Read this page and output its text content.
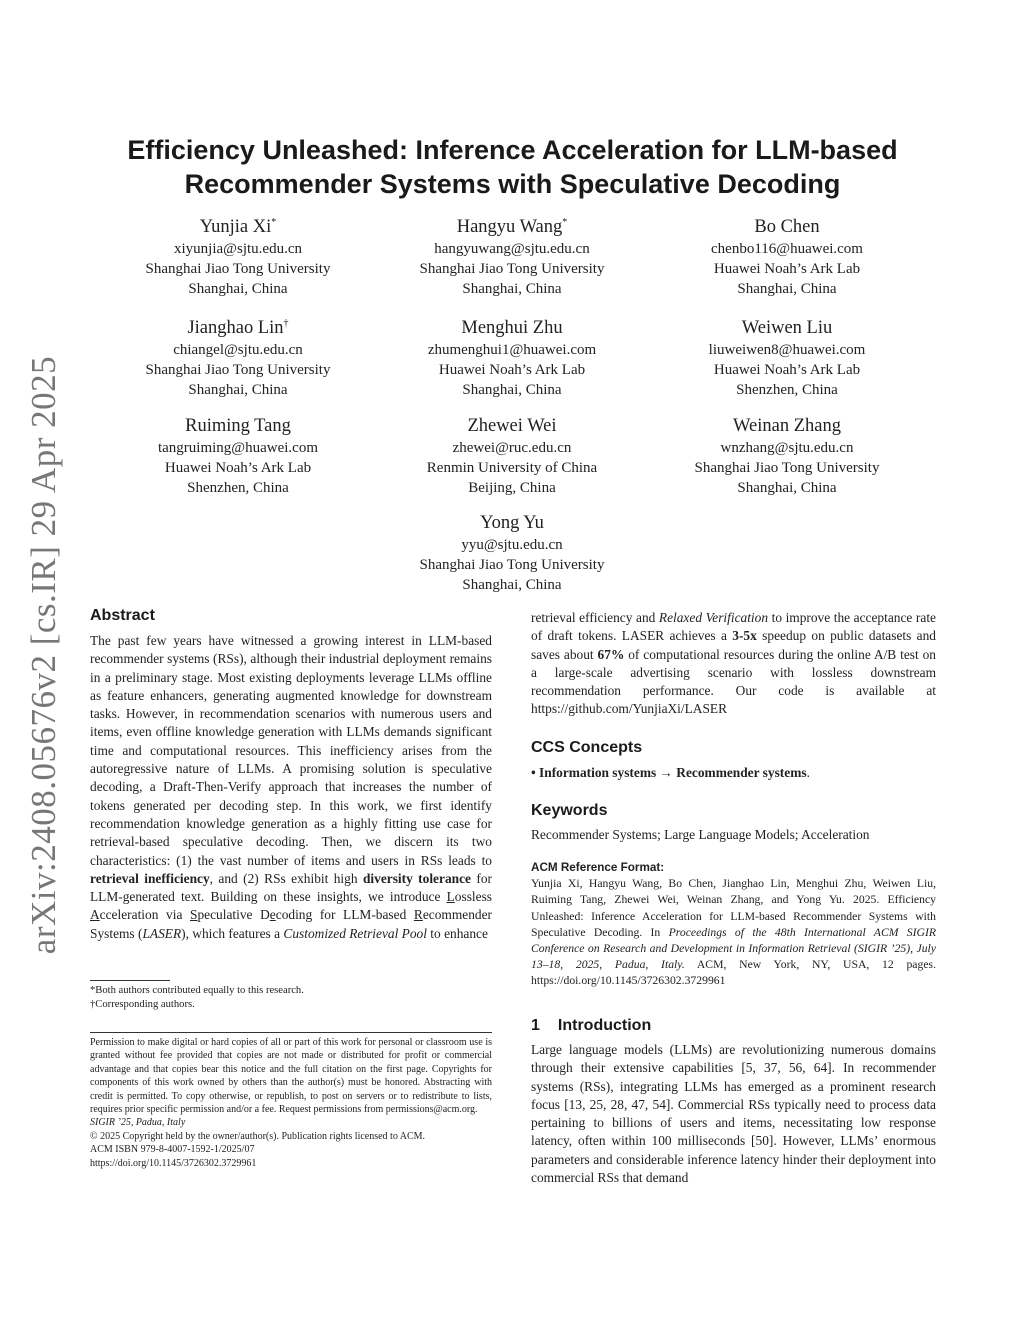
arXiv:2408.05676v2 [cs.IR] 29 Apr 2025
Efficiency Unleashed: Inference Acceleration for LLM-based
Recommender Systems with Speculative Decoding
Yunjia Xi*
xiyunjia@sjtu.edu.cn
Shanghai Jiao Tong University
Shanghai, China
Hangyu Wang*
hangyuwang@sjtu.edu.cn
Shanghai Jiao Tong University
Shanghai, China
Bo Chen
chenbo116@huawei.com
Huawei Noah’s Ark Lab
Shanghai, China
Jianghao Lin†
chiangel@sjtu.edu.cn
Shanghai Jiao Tong University
Shanghai, China
Menghui Zhu
zhumenghui1@huawei.com
Huawei Noah’s Ark Lab
Shanghai, China
Weiwen Liu
liuweiwen8@huawei.com
Huawei Noah’s Ark Lab
Shenzhen, China
Ruiming Tang
tangruiming@huawei.com
Huawei Noah’s Ark Lab
Shenzhen, China
Zhewei Wei
zhewei@ruc.edu.cn
Renmin University of China
Beijing, China
Weinan Zhang
wnzhang@sjtu.edu.cn
Shanghai Jiao Tong University
Shanghai, China
Yong Yu
yyu@sjtu.edu.cn
Shanghai Jiao Tong University
Shanghai, China
Abstract

The past few years have witnessed a growing interest in LLM-based recommender systems (RSs), although their industrial deployment remains in a preliminary stage. Most existing deployments leverage LLMs offline as feature enhancers, generating augmented knowledge for downstream tasks. However, in recommendation scenarios with numerous users and items, even offline knowledge generation with LLMs demands significant time and computational resources. This inefficiency arises from the autoregressive nature of LLMs. A promising solution is speculative decoding, a Draft-Then-Verify approach that increases the number of tokens generated per decoding step. In this work, we first identify recommendation knowledge generation as a highly fitting use case for retrieval-based speculative decoding. Then, we discern its two characteristics: (1) the vast number of items and users in RSs leads to retrieval inefficiency, and (2) RSs exhibit high diversity tolerance for LLM-generated text. Building on these insights, we introduce Lossless Acceleration via Speculative Decoding for LLM-based Recommender Systems (LASER), which features a Customized Retrieval Pool to enhance

*Both authors contributed equally to this research.
†Corresponding authors.

Permission to make digital or hard copies of all or part of this work for personal or classroom use is granted without fee provided that copies are not made or distributed for profit or commercial advantage and that copies bear this notice and the full citation on the first page. Copyrights for components of this work owned by others than the author(s) must be honored. Abstracting with credit is permitted. To copy otherwise, or republish, to post on servers or to redistribute to lists, requires prior specific permission and/or a fee. Request permissions from permissions@acm.org.

SIGIR ’25, Padua, Italy

© 2025 Copyright held by the owner/author(s). Publication rights licensed to ACM.

ACM ISBN 979-8-4007-1592-1/2025/07

https://doi.org/10.1145/3726302.3729961

retrieval efficiency and Relaxed Verification to improve the acceptance rate of draft tokens. LASER achieves a 3-5x speedup on public datasets and saves about 67% of computational resources during the online A/B test on a large-scale advertising scenario with lossless downstream recommendation performance. Our code is available at https://github.com/YunjiaXi/LASER

CCS Concepts

• Information systems → Recommender systems.

Keywords
Recommender Systems; Large Language Models; Acceleration
ACM Reference Format:
Yunjia Xi, Hangyu Wang, Bo Chen, Jianghao Lin, Menghui Zhu, Weiwen Liu, Ruiming Tang, Zhewei Wei, Weinan Zhang, and Yong Yu. 2025. Efficiency Unleashed: Inference Acceleration for LLM-based Recommender Systems with Speculative Decoding. In Proceedings of the 48th International ACM SIGIR Conference on Research and Development in Information Retrieval (SIGIR ’25), July 13–18, 2025, Padua, Italy. ACM, New York, NY, USA, 12 pages. https://doi.org/10.1145/3726302.3729961
1 Introduction
Large language models (LLMs) are revolutionizing numerous domains through their extensive capabilities [5, 37, 56, 64]. In recommender systems (RSs), integrating LLMs has emerged as a prominent research focus [13, 25, 28, 47, 54]. Commercial RSs typically need to process data pertaining to billions of users and items, necessitating low response latency, often within 100 milliseconds [50]. However, LLMs’ enormous parameters and considerable inference latency hinder their deployment into commercial RSs that demand
